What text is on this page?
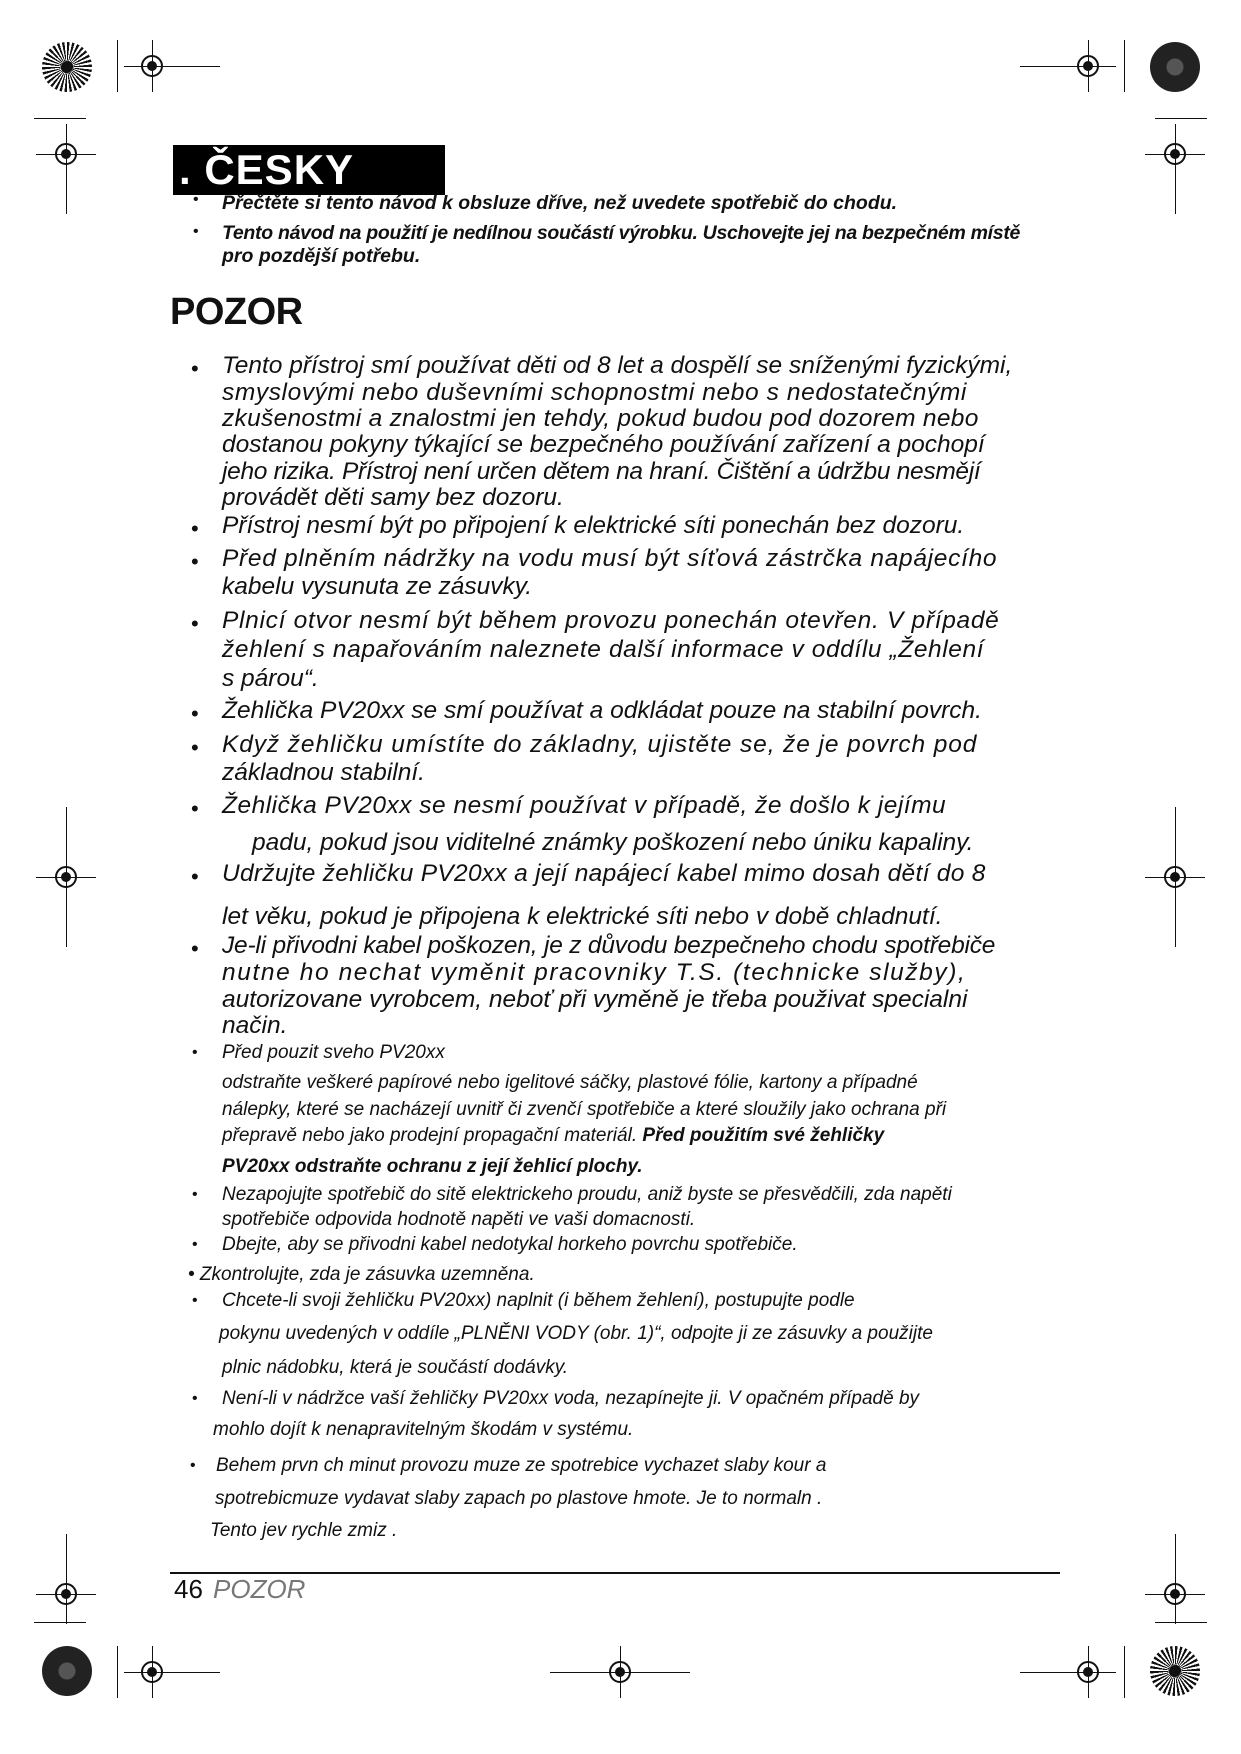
. ČESKY
• Přečtěte si tento návod k obsluze dříve, než uvedete spotřebič do chodu.
• Tento návod na použití je nedílnou součástí výrobku. Uschovejte jej na bezpečném místě
pro pozdější potřebu.
POZOR
• Tento přístroj smí používat děti od 8 let a dospělí se sníženými fyzickými,
smyslovými nebo duševními schopnostmi nebo s nedostatečnými
zkušenostmi a znalostmi jen tehdy, pokud budou pod dozorem nebo
dostanou pokyny týkající se bezpečného používání zařízení a pochopí
jeho rizika. Přístroj není určen dětem na hraní. Čištění a údržbu nesmějí
provádět děti samy bez dozoru.
• Přístroj nesmí být po připojení k elektrické síti ponechán bez dozoru.
• Před plněním nádržky na vodu musí být síťová zástrčka napájecího
kabelu vysunuta ze zásuvky.
• Plnicí otvor nesmí být během provozu ponechán otevřen. V případě
žehlení s napařováním naleznete další informace v oddílu „Žehlení
s párou“.
• Žehlička PV20xx se smí používat a odkládat pouze na stabilní povrch.
• Když žehličku umístíte do základny, ujistěte se, že je povrch pod
základnou stabilní.
• Žehlička PV20xx se nesmí používat v případě, že došlo k jejímu
padu, pokud jsou viditelné známky poškození nebo úniku kapaliny.
• Udržujte žehličku PV20xx a její napájecí kabel mimo dosah dětí do 8
let věku, pokud je připojena k elektrické síti nebo v době chladnutí.
• Je-li přivodni kabel poškozen, je z důvodu bezpečneho chodu spotřebiče
nutne ho nechat vyměnit pracovniky T.S. (technicke služby),
autorizovane vyrobcem, neboť při vyměně je třeba použivat specialni
način.
• Před pouzit sveho PV20xx
odstraňte veškeré papírové nebo igelitové sáčky, plastové fólie, kartony a případné
nálepky, které se nacházejí uvnitř či zvenčí spotřebiče a které sloužily jako ochrana při
přepravě nebo jako prodejní propagační materiál. Před použitím své žehličky
PV20xx odstraňte ochranu z její žehlicí plochy.
• Nezapojujte spotřebič do sitě elektrickeho proudu, aniž byste se přesvědčili, zda napěti
spotřebiče odpovida hodnotě napěti ve vaši domacnosti.
• Dbejte, aby se přivodni kabel nedotykal horkeho povrchu spotřebiče.
• Zkontrolujte, zda je zásuvka uzemněna.
• Chcete-li svoji žehličku PV20xx) naplnit (i během žehlení), postupujte podle
pokynu uvedených v oddíle „PLNĚNI VODY (obr. 1)“, odpojte ji ze zásuvky a použijte
plnic nádobku, která je součástí dodávky.
• Není-li v nádržce vaší žehličky PV20xx voda, nezapínejte ji. V opačném případě by
mohlo dojít k nenapravitelným škodám v systému.
• Behem prvn ch minut provozu muze ze spotrebice vychazet slaby kour a
spotrebicmuze vydavat slaby zapach po plastove hmote. Je to normaln .
Tento jev rychle zmiz .
46 POZOR
